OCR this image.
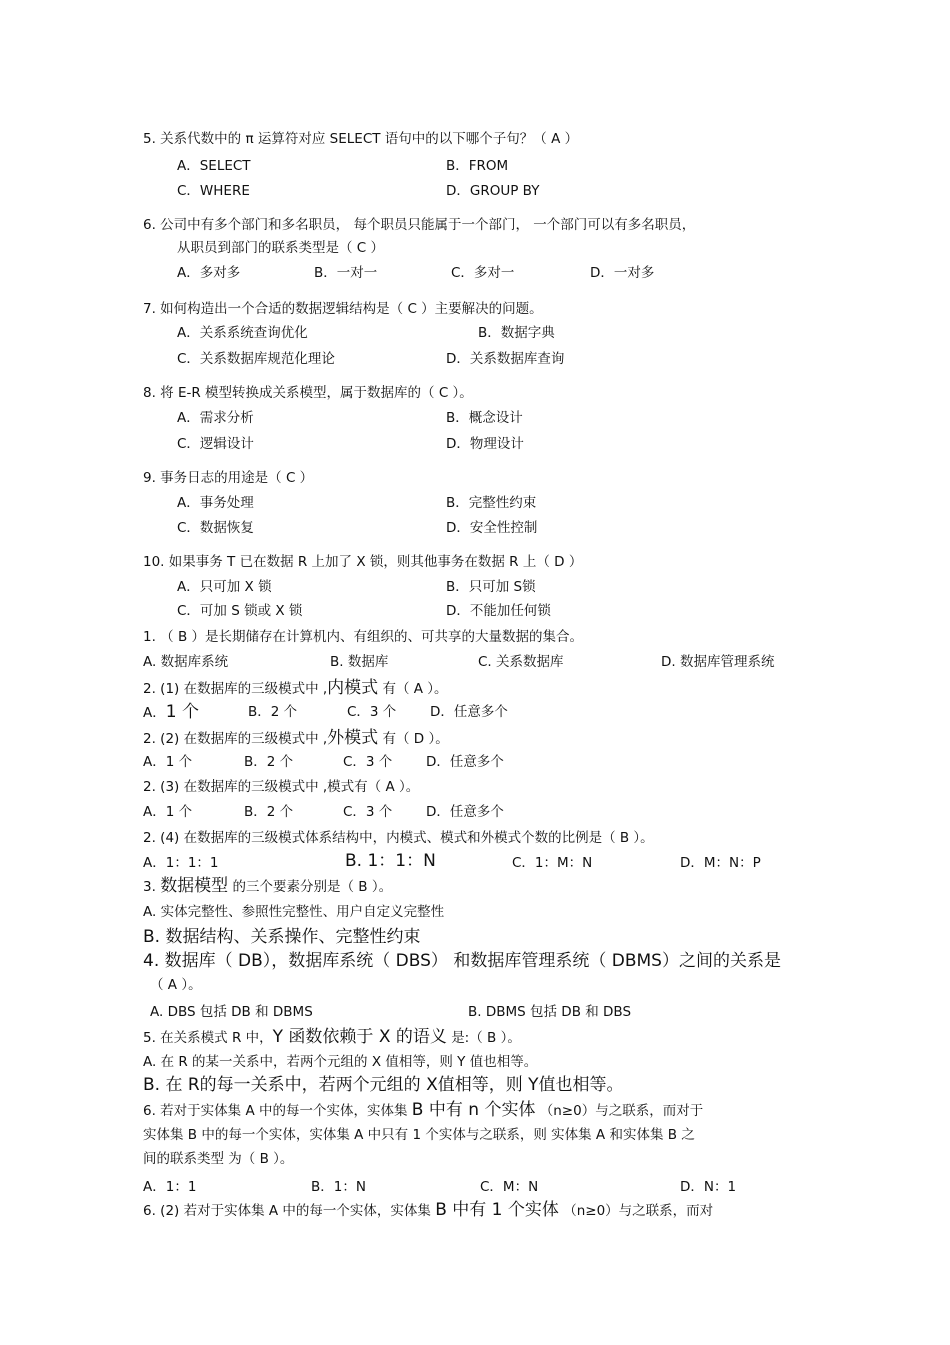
5. 关系代数中的 π 运算符对应 SELECT 语句中的以下哪个子句？（ A ）
A．SELECT	B．FROM
C．WHERE	D．GROUP BY
6. 公司中有多个部门和多名职员， 每个职员只能属于一个部门， 一个部门可以有多名职员，
从职员到部门的联系类型是（ C ）
A．多对多	B．一对一	C．多对一	D．一对多
7. 如何构造出一个合适的数据逻辑结构是（ C ）主要解决的问题。
A．关系系统查询优化	B．数据字典
C．关系数据库规范化理论	D．关系数据库查询
8. 将 E-R 模型转换成关系模型，属于数据库的（ C ）。
A．需求分析	B．概念设计
C．逻辑设计	D．物理设计
9. 事务日志的用途是（ C ）
A．事务处理	B．完整性约束
C．数据恢复	D．安全性控制
10. 如果事务 T 已在数据 R 上加了 X 锁，则其他事务在数据 R 上（ D ）
A．只可加 X 锁	B．只可加 S锁
C．可加 S 锁或 X 锁	D．不能加任何锁
1. （ B ）是长期储存在计算机内、有组织的、可共享的大量数据的集合。
A. 数据库系统	B. 数据库	C. 关系数据库	D. 数据库管理系统
2. (1) 在数据库的三级模式中 ,内模式 有（ A ）。
A．1 个	B．2 个	C．3 个 D．任意多个
2. (2) 在数据库的三级模式中 ,外模式 有（ D ）。
A．1 个	B．2 个	C．3 个 D．任意多个
2. (3) 在数据库的三级模式中 ,模式有（ A ）。
A．1 个	B．2 个	C．3 个 D．任意多个
2. (4) 在数据库的三级模式体系结构中，内模式、模式和外模式个数的比例是（ B ）。
A．1：1：1	B. 1：1：N	C．1：M：N	D．M：N：P
3. 数据模型 的三个要素分别是（ B ）。
A. 实体完整性、参照性完整性、用户自定义完整性
B. 数据结构、关系操作、完整性约束
4. 数据库（ DB），数据库系统（ DBS） 和数据库管理系统（ DBMS）之间的关系是
（ A ）。
A. DBS 包括 DB 和 DBMS	B. DBMS 包括 DB 和 DBS
5. 在关系模式 R 中，Y 函数依赖于 X 的语义 是:（ B ）。
A. 在 R 的某一关系中，若两个元组的 X 值相等，则 Y 值也相等。
B. 在 R的每一关系中，若两个元组的 X值相等，则 Y值也相等。
6. 若对于实体集 A 中的每一个实体，实体集 B 中有 n 个实体 （n≥0）与之联系，而对于
实体集 B 中的每一个实体，实体集 A 中只有 1 个实体与之联系，则 实体集 A 和实体集 B 之
间的联系类型 为（ B ）。
A．1：1	B．1：N	C．M：N	D．N：1
6. (2) 若对于实体集 A 中的每一个实体，实体集 B 中有 1 个实体 （n≥0）与之联系，而对
